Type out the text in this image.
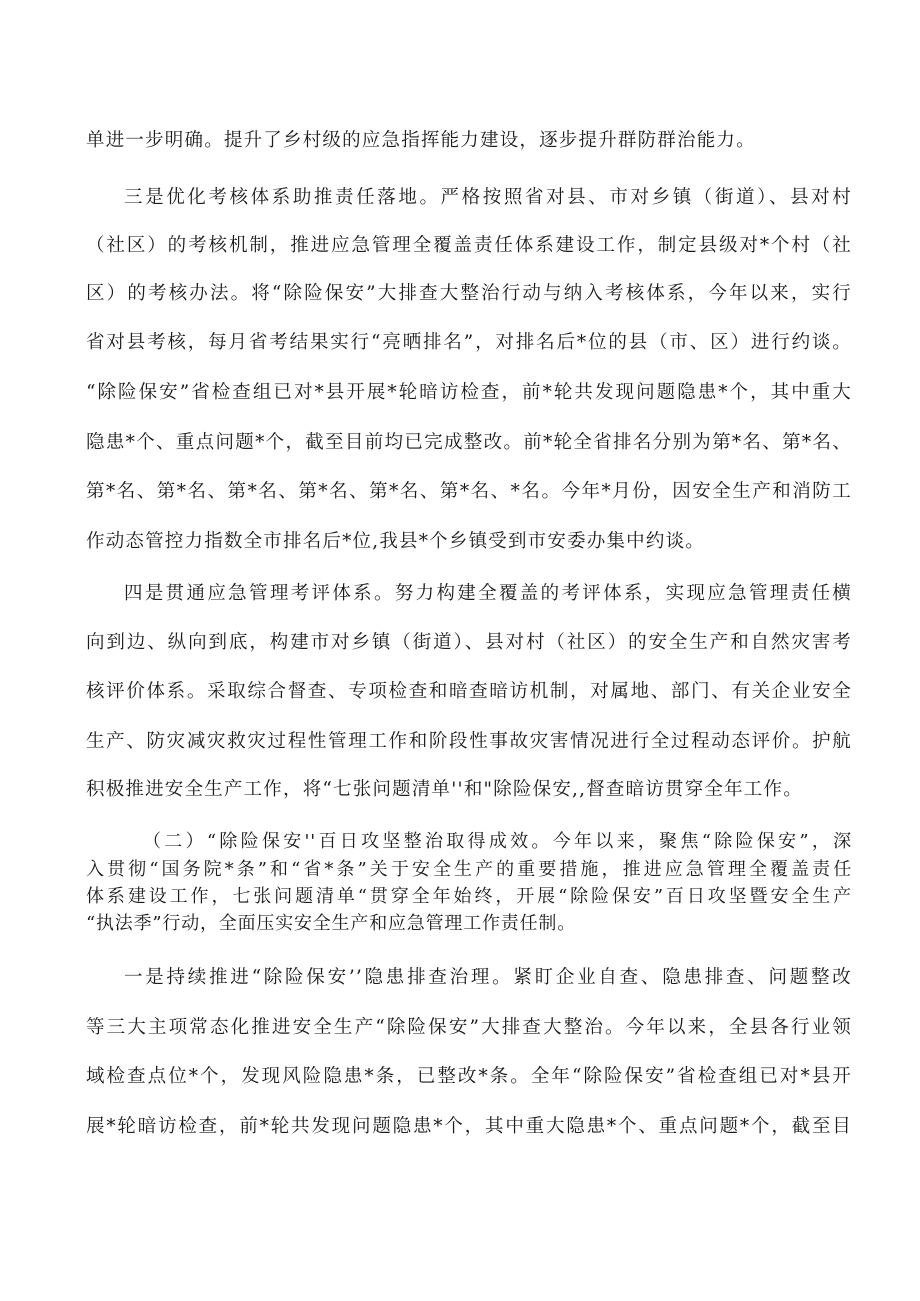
单进一步明确。提升了乡村级的应急指挥能力建设，逐步提升群防群治能力。
三是优化考核体系助推责任落地。严格按照省对县、市对乡镇（街道）、县对村
（社区）的考核机制，推进应急管理全覆盖责任体系建设工作，制定县级对*个村（社
区）的考核办法。将“除险保安”大排查大整治行动与纳入考核体系，今年以来，实行
省对县考核，每月省考结果实行“亮晒排名”，对排名后*位的县（市、区）进行约谈。
“除险保安”省检查组已对*县开展*轮暗访检查，前*轮共发现问题隐患*个，其中重大
隐患*个、重点问题*个，截至目前均已完成整改。前*轮全省排名分别为第*名、第*名、
第*名、第*名、第*名、第*名、第*名、第*名、*名。今年*月份，因安全生产和消防工
作动态管控力指数全市排名后*位,我县*个乡镇受到市安委办集中约谈。
四是贯通应急管理考评体系。努力构建全覆盖的考评体系，实现应急管理责任横
向到边、纵向到底，构建市对乡镇（街道）、县对村（社区）的安全生产和自然灾害考
核评价体系。采取综合督查、专项检查和暗查暗访机制，对属地、部门、有关企业安全
生产、防灾减灾救灾过程性管理工作和阶段性事故灾害情况进行全过程动态评价。护航
积极推进安全生产工作，将“七张问题清单''和"除险保安,,督查暗访贯穿全年工作。
（二）“除险保安''百日攻坚整治取得成效。今年以来，聚焦“除险保安”，深
入贯彻“国务院*条”和“省*条”关于安全生产的重要措施，推进应急管理全覆盖责任
体系建设工作，七张问题清单“贯穿全年始终，开展“除险保安”百日攻坚暨安全生产
“执法季”行动，全面压实安全生产和应急管理工作责任制。
一是持续推进“除险保安’’隐患排查治理。紧盯企业自查、隐患排查、问题整改
等三大主项常态化推进安全生产“除险保安”大排查大整治。今年以来，全县各行业领
域检查点位*个，发现风险隐患*条，已整改*条。全年“除险保安”省检查组已对*县开
展*轮暗访检查，前*轮共发现问题隐患*个，其中重大隐患*个、重点问题*个，截至目
